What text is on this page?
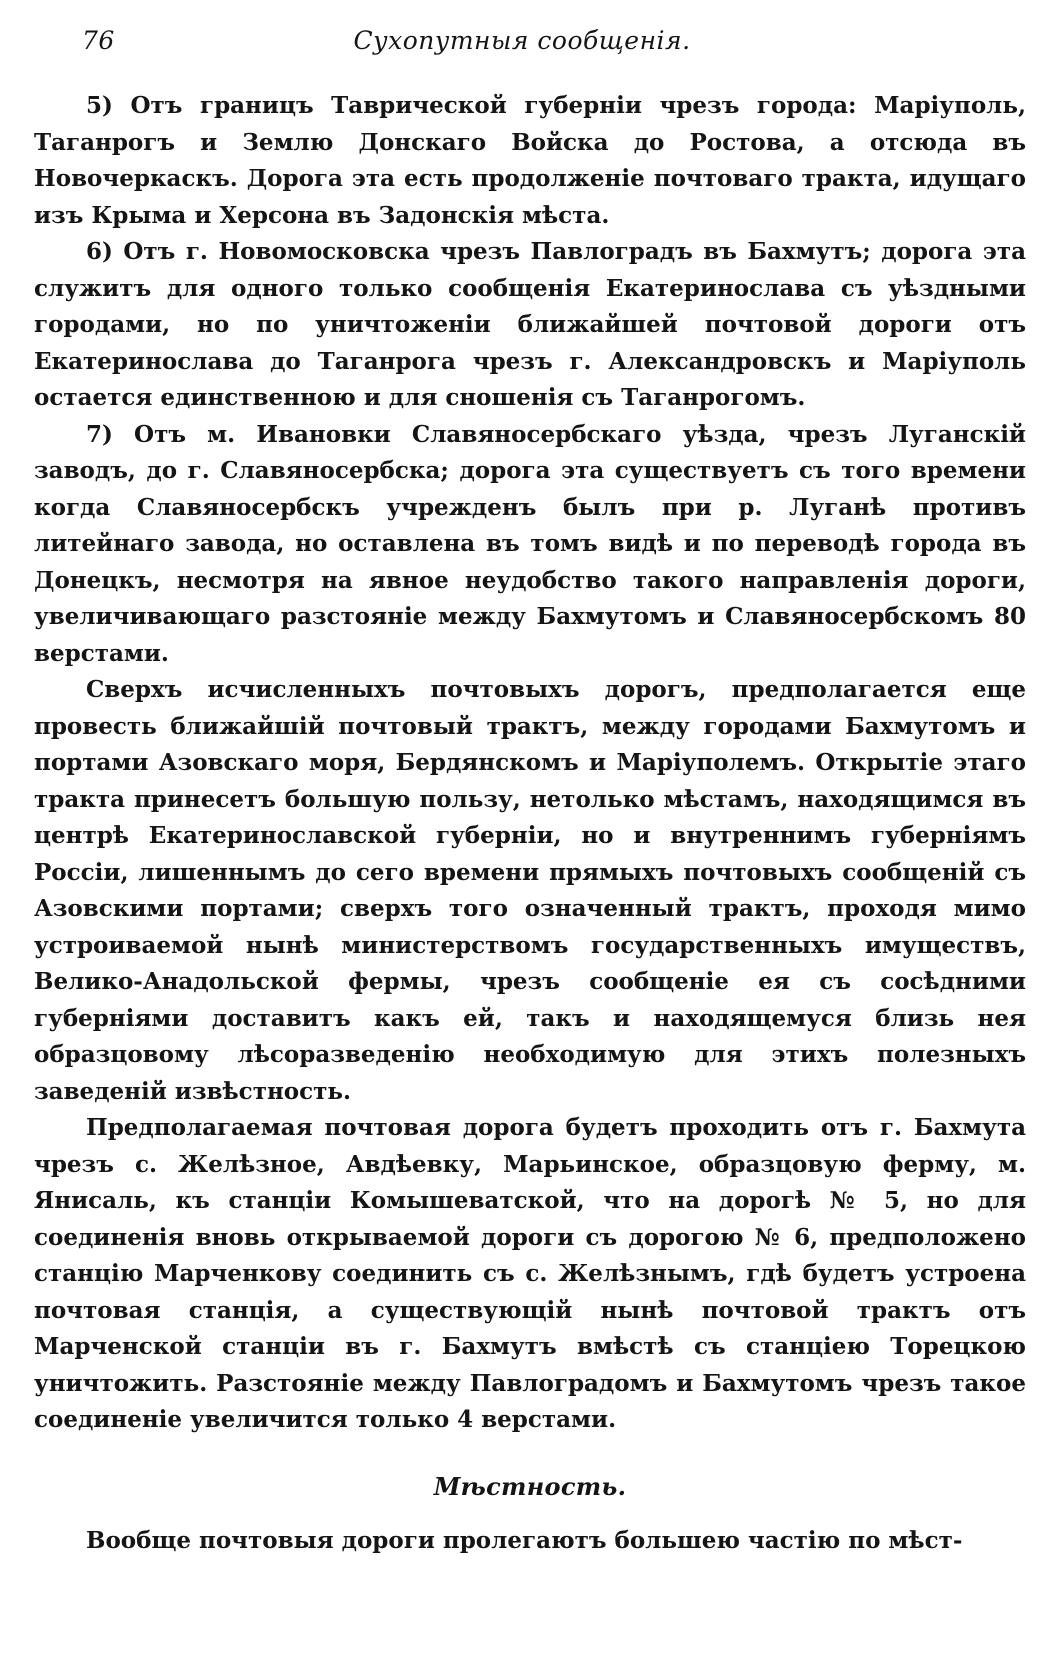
76	Сухопутныя сообщенія.

5) Отъ границъ Таврической губерніи чрезъ города: Маріуполь, Таганрогъ и Землю Донскаго Войска до Ростова, а отсюда въ Новочеркаскъ. Дорога эта есть продолженіе почтоваго тракта, идущаго изъ Крыма и Херсона въ Задонскія мѣста.

6) Отъ г. Новомосковска чрезъ Павлоградъ въ Бахмутъ; дорога эта служитъ для одного только сообщенія Екатеринослава съ уѣздными городами, но по уничтоженіи ближайшей почтовой дороги отъ Екатеринослава до Таганрога чрезъ г. Александровскъ и Маріуполь остается единственною и для сношенія съ Таганрогомъ.

7) Отъ м. Ивановки Славяносербскаго уѣзда, чрезъ Луганскій заводъ, до г. Славяносербска; дорога эта существуетъ съ того времени когда Славяносербскъ учрежденъ былъ при р. Луганѣ противъ литейнаго завода, но оставлена въ томъ видѣ и по переводѣ города въ Донецкъ, несмотря на явное неудобство такого направленія дороги, увеличивающаго разстояніе между Бахмутомъ и Славяносербскомъ 80 верстами.

Сверхъ исчисленныхъ почтовыхъ дорогъ, предполагается еще провесть ближайшій почтовый трактъ, между городами Бахмутомъ и портами Азовскаго моря, Бердянскомъ и Маріуполемъ. Открытіе этаго тракта принесетъ большую пользу, нетолько мѣстамъ, находящимся въ центрѣ Екатеринославской губерніи, но и внутреннимъ губерніямъ Россіи, лишеннымъ до сего времени прямыхъ почтовыхъ сообщеній съ Азовскими портами; сверхъ того означенный трактъ, проходя мимо устроиваемой нынѣ министерствомъ государственныхъ имуществъ, Велико-Анадольской фермы, чрезъ сообщеніе ея съ сосѣдними губерніями доставитъ какъ ей, такъ и находящемуся близь нея образцовому лѣсоразведенію необходимую для этихъ полезныхъ заведеній извѣстность.

Предполагаемая почтовая дорога будетъ проходить отъ г. Бахмута чрезъ с. Желѣзное, Авдѣевку, Марьинское, образцовую ферму, м. Янисаль, къ станціи Комышеватской, что на дорогѣ № 5, но для соединенія вновь открываемой дороги съ дорогою № 6, предположено станцію Марченкову соединить съ с. Желѣзнымъ, гдѣ будетъ устроена почтовая станція, а существующій нынѣ почтовой трактъ отъ Марченской станціи въ г. Бахмутъ вмѣстѣ съ станціею Торецкою уничтожить. Разстояніе между Павлоградомъ и Бахмутомъ чрезъ такое соединеніе увеличится только 4 верстами.

Мѣстность.

Вообще почтовыя дороги пролегаютъ большею частію по мѣст-
